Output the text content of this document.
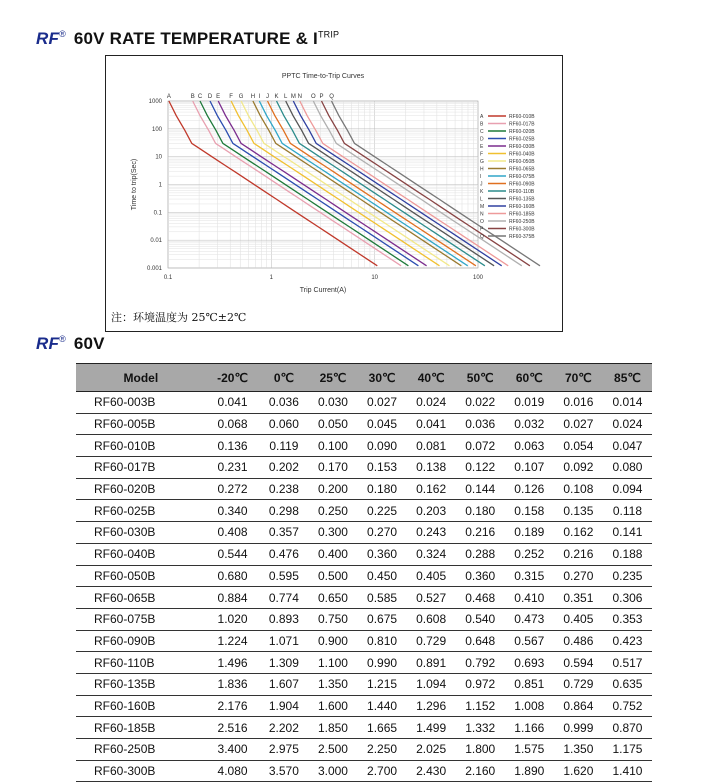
RF® 60V RATE TEMPERATURE & $I^{TRIP}$
PPTC Time-to-Trip Curves
Trip Current(A)
Time to trip(Sec)
0.1	1	10	100
0.001
0.01
0.1
1
10
100
1000
A	B C D E F G H I J K L M N O P Q
A	RF60-010B
B	RF60-017B
C	RF60-020B
D	RF60-025B
E	RF60-030B
F	RF60-040B
G	RF60-050B
H	RF60-065B
I	RF60-075B
J	RF60-090B
K	RF60-110B
L	RF60-135B
M	RF60-160B
N	RF60-185B
O	RF60-250B
P	RF60-300B
Q	RF60-375B
注：环境温度为 25℃±2℃
RF® 60V
Model	-20℃	0℃	25℃	30℃	40℃	50℃	60℃	70℃	85℃
RF60-003B	0.041	0.036	0.030	0.027	0.024	0.022	0.019	0.016	0.014
RF60-005B	0.068	0.060	0.050	0.045	0.041	0.036	0.032	0.027	0.024
RF60-010B	0.136	0.119	0.100	0.090	0.081	0.072	0.063	0.054	0.047
RF60-017B	0.231	0.202	0.170	0.153	0.138	0.122	0.107	0.092	0.080
RF60-020B	0.272	0.238	0.200	0.180	0.162	0.144	0.126	0.108	0.094
RF60-025B	0.340	0.298	0.250	0.225	0.203	0.180	0.158	0.135	0.118
RF60-030B	0.408	0.357	0.300	0.270	0.243	0.216	0.189	0.162	0.141
RF60-040B	0.544	0.476	0.400	0.360	0.324	0.288	0.252	0.216	0.188
RF60-050B	0.680	0.595	0.500	0.450	0.405	0.360	0.315	0.270	0.235
RF60-065B	0.884	0.774	0.650	0.585	0.527	0.468	0.410	0.351	0.306
RF60-075B	1.020	0.893	0.750	0.675	0.608	0.540	0.473	0.405	0.353
RF60-090B	1.224	1.071	0.900	0.810	0.729	0.648	0.567	0.486	0.423
RF60-110B	1.496	1.309	1.100	0.990	0.891	0.792	0.693	0.594	0.517
RF60-135B	1.836	1.607	1.350	1.215	1.094	0.972	0.851	0.729	0.635
RF60-160B	2.176	1.904	1.600	1.440	1.296	1.152	1.008	0.864	0.752
RF60-185B	2.516	2.202	1.850	1.665	1.499	1.332	1.166	0.999	0.870
RF60-250B	3.400	2.975	2.500	2.250	2.025	1.800	1.575	1.350	1.175
RF60-300B	4.080	3.570	3.000	2.700	2.430	2.160	1.890	1.620	1.410
